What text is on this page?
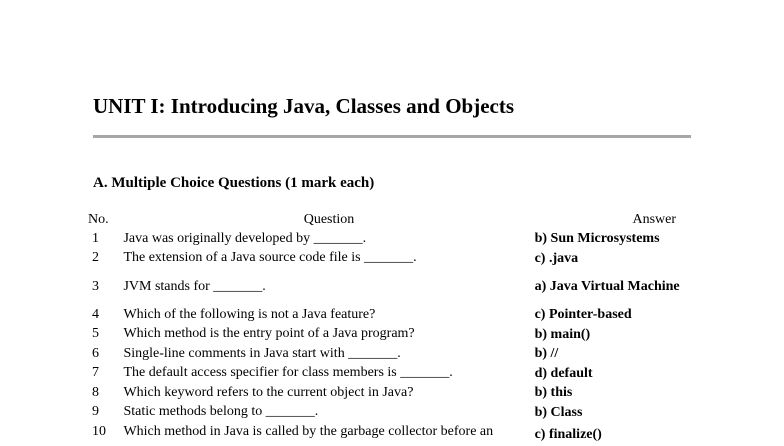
UNIT I: Introducing Java, Classes and Objects
A. Multiple Choice Questions (1 mark each)
No.	Question	Answer
1	Java was originally developed by _______.	b) Sun Microsystems
2	The extension of a Java source code file is _______.	c) .java
3	JVM stands for _______.	a) Java Virtual Machine
4	Which of the following is not a Java feature?	c) Pointer-based
5	Which method is the entry point of a Java program?	b) main()
6	Single-line comments in Java start with _______.	b) //
7	The default access specifier for class members is _______.	d) default
8	Which keyword refers to the current object in Java?	b) this
9	Static methods belong to _______.	b) Class
10	Which method in Java is called by the garbage collector before an	c) finalize()
